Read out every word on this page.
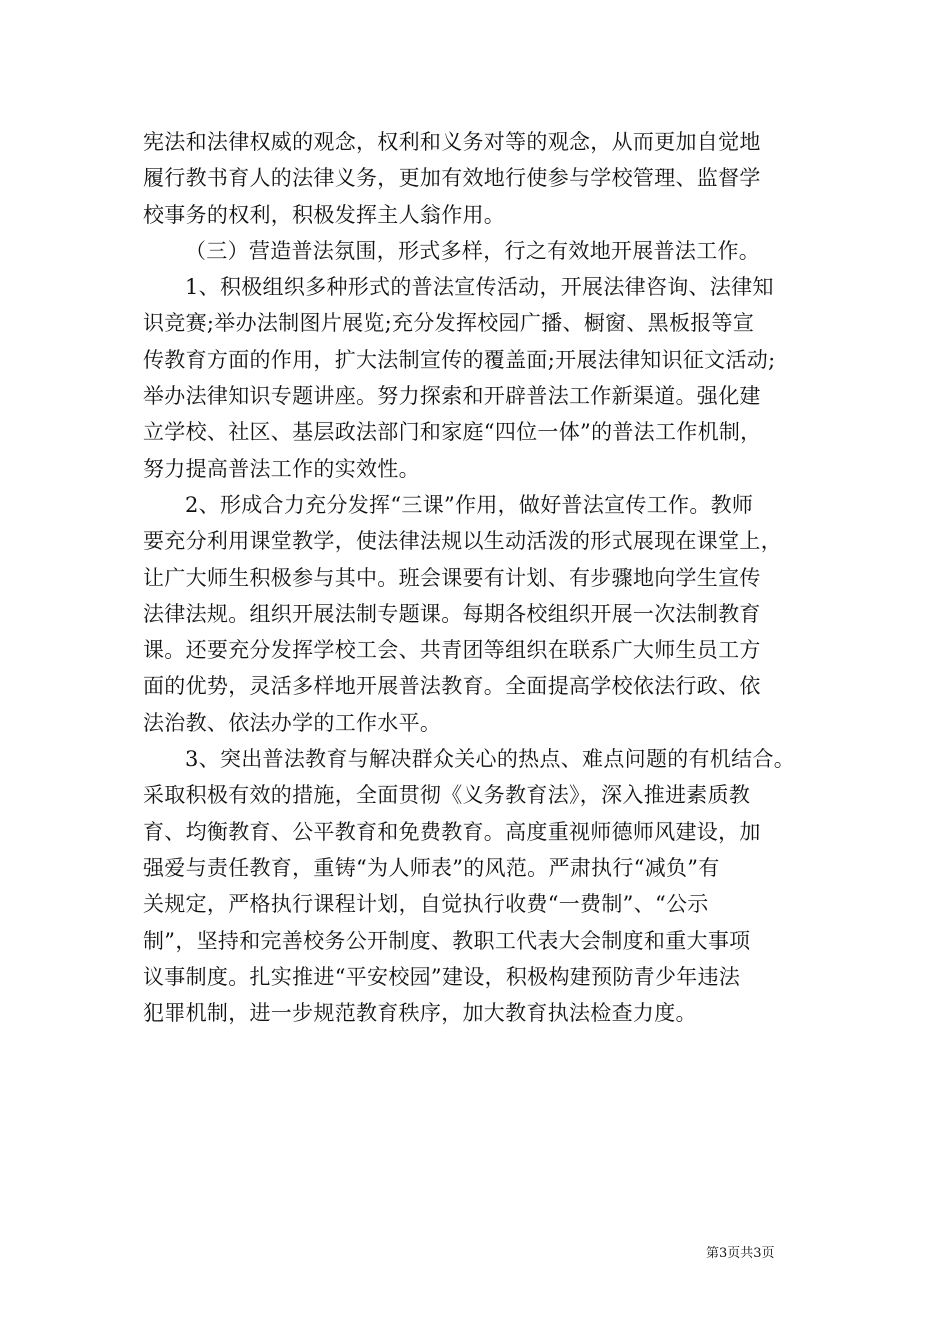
宪法和法律权威的观念，权利和义务对等的观念，从而更加自觉地
履行教书育人的法律义务，更加有效地行使参与学校管理、监督学
校事务的权利，积极发挥主人翁作用。
（三）营造普法氛围，形式多样，行之有效地开展普法工作。
1、积极组织多种形式的普法宣传活动，开展法律咨询、法律知
识竞赛;举办法制图片展览;充分发挥校园广播、橱窗、黑板报等宣
传教育方面的作用，扩大法制宣传的覆盖面;开展法律知识征文活动;
举办法律知识专题讲座。努力探索和开辟普法工作新渠道。强化建
立学校、社区、基层政法部门和家庭“四位一体”的普法工作机制，
努力提高普法工作的实效性。
2、形成合力充分发挥“三课”作用，做好普法宣传工作。教师
要充分利用课堂教学，使法律法规以生动活泼的形式展现在课堂上，
让广大师生积极参与其中。班会课要有计划、有步骤地向学生宣传
法律法规。组织开展法制专题课。每期各校组织开展一次法制教育
课。还要充分发挥学校工会、共青团等组织在联系广大师生员工方
面的优势，灵活多样地开展普法教育。全面提高学校依法行政、依
法治教、依法办学的工作水平。
3、突出普法教育与解决群众关心的热点、难点问题的有机结合。
采取积极有效的措施，全面贯彻《义务教育法》，深入推进素质教
育、均衡教育、公平教育和免费教育。高度重视师德师风建设，加
强爱与责任教育，重铸“为人师表”的风范。严肃执行“减负”有
关规定，严格执行课程计划，自觉执行收费“一费制”、“公示
制”，坚持和完善校务公开制度、教职工代表大会制度和重大事项
议事制度。扎实推进“平安校园”建设，积极构建预防青少年违法
犯罪机制，进一步规范教育秩序，加大教育执法检查力度。
第3页共3页
